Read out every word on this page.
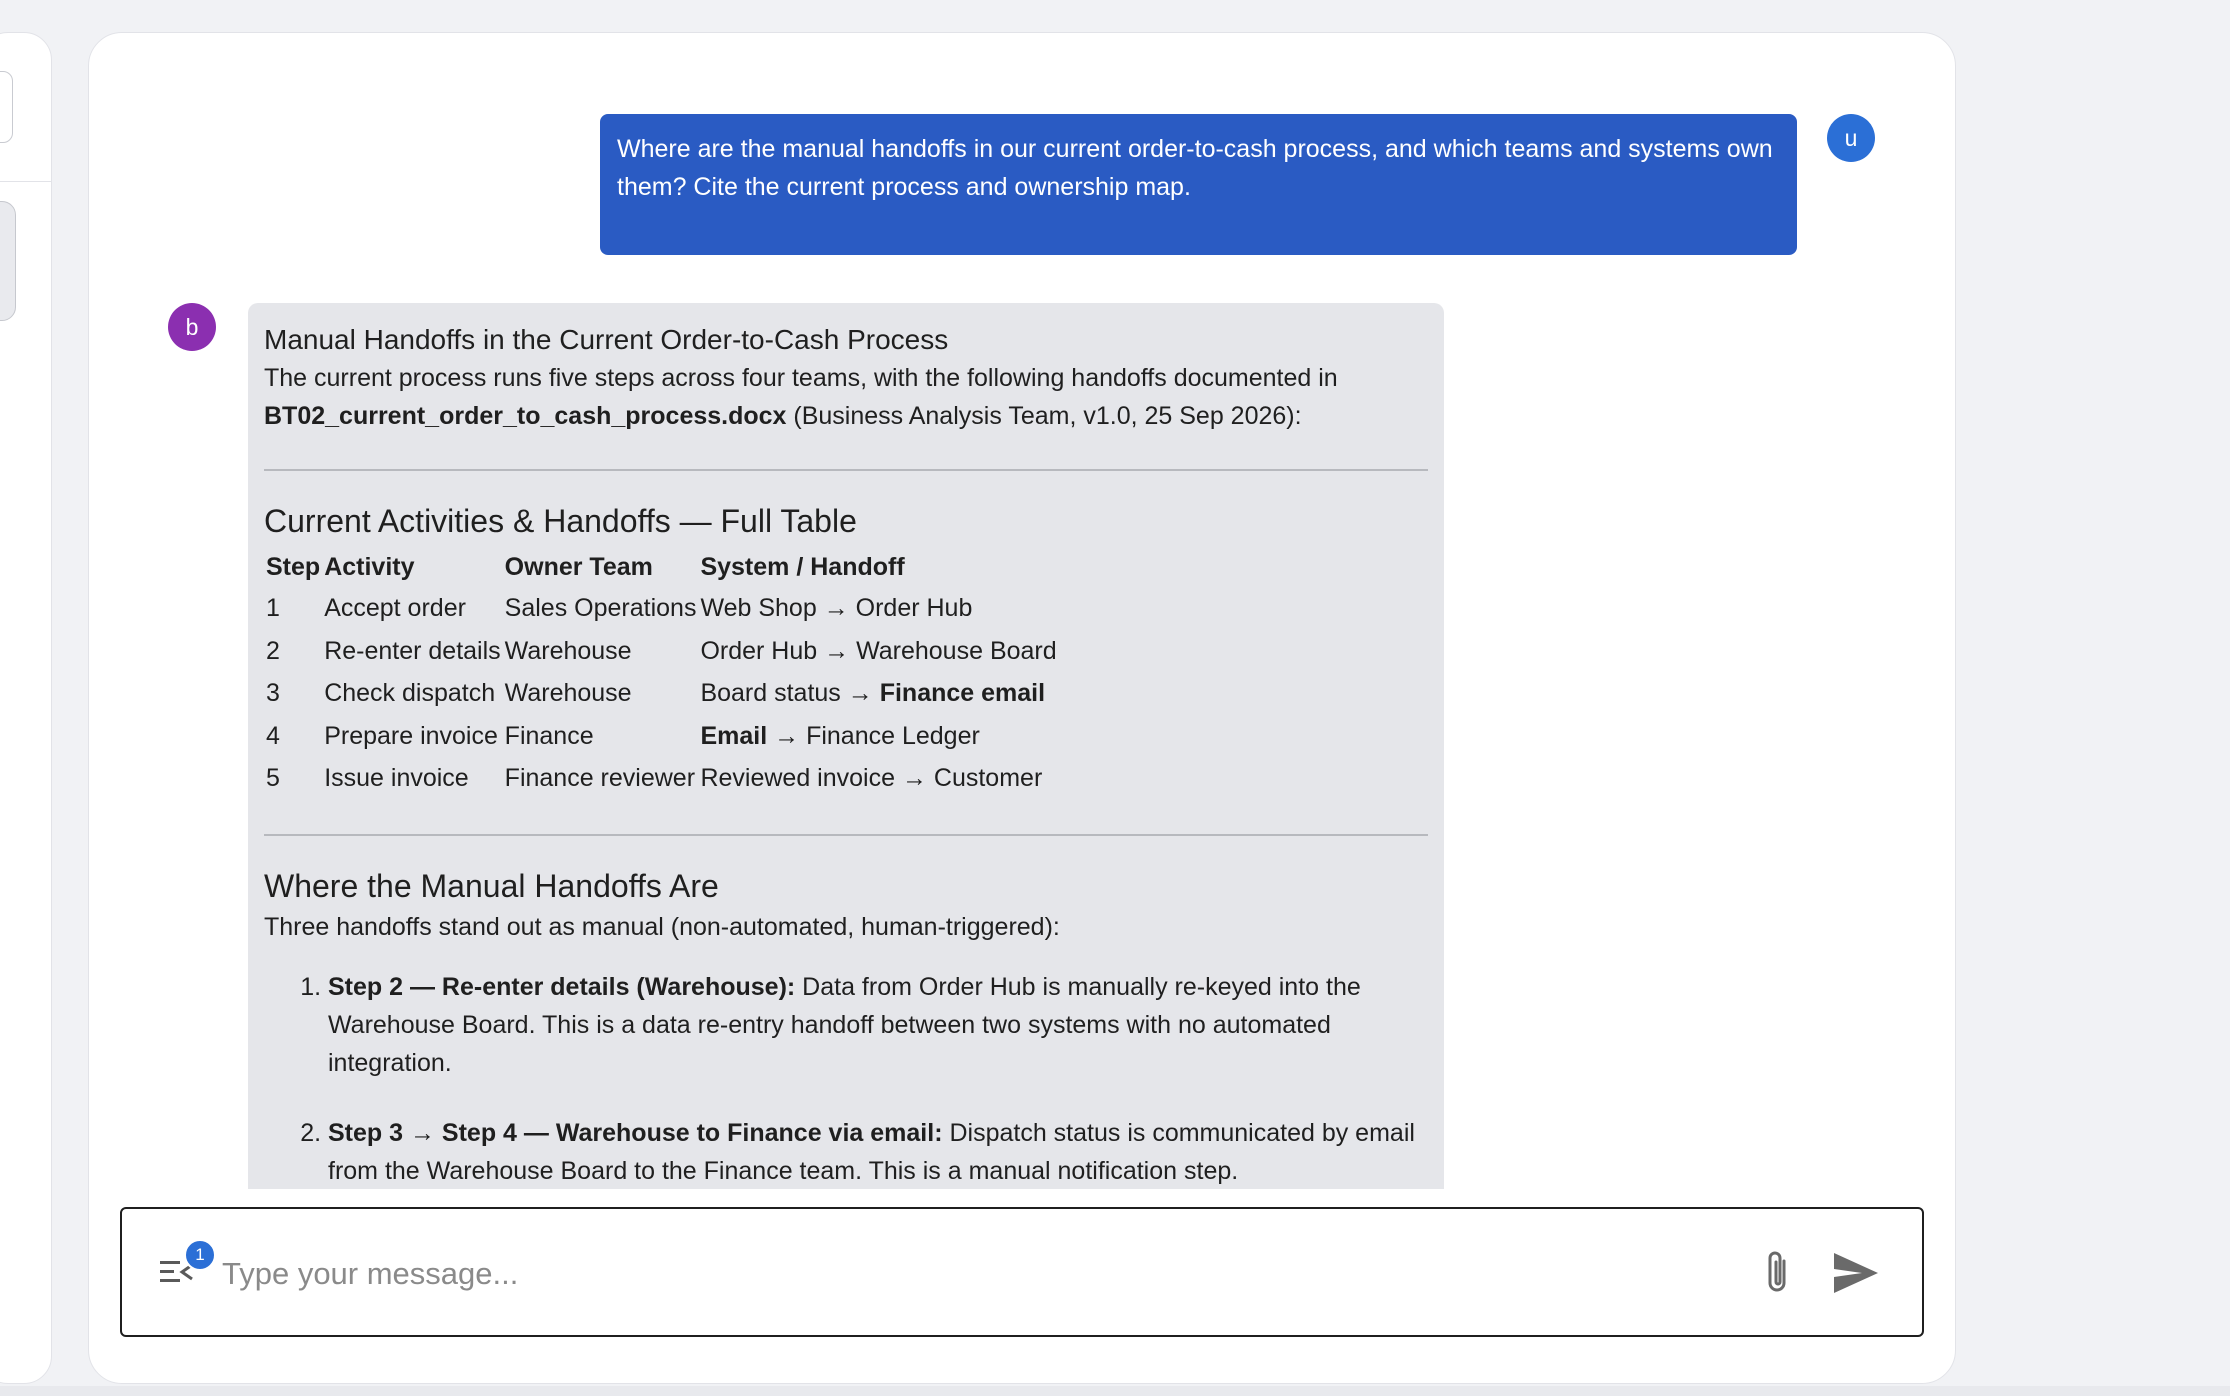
Where are the manual handoffs in our current order-to-cash process, and which teams and systems own them? Cite the current process and ownership map.
u
b	Manual Handoffs in the Current Order-to-Cash Process

The current process runs five steps across four teams, with the following handoffs documented in BT02_current_order_to_cash_process.docx (Business Analysis Team, v1.0, 25 Sep 2026):

Current Activities & Handoffs — Full Table
Step	Activity	Owner Team	System / Handoff
1	Accept order	Sales Operations	Web Shop → Order Hub
2	Re-enter details	Warehouse	Order Hub → Warehouse Board
3	Check dispatch	Warehouse	Board status → Finance email
4	Prepare invoice	Finance	Email → Finance Ledger
5	Issue invoice	Finance reviewer	Reviewed invoice → Customer
Where the Manual Handoffs Are

Three handoffs stand out as manual (non-automated, human-triggered):

1. Step 2 — Re-enter details (Warehouse): Data from Order Hub is manually re-keyed into the Warehouse Board. This is a data re-entry handoff between two systems with no automated integration.
2. Step 3 → Step 4 — Warehouse to Finance via email: Dispatch status is communicated by email from the Warehouse Board to the Finance team. This is a manual notification step.
1
Type your message...
